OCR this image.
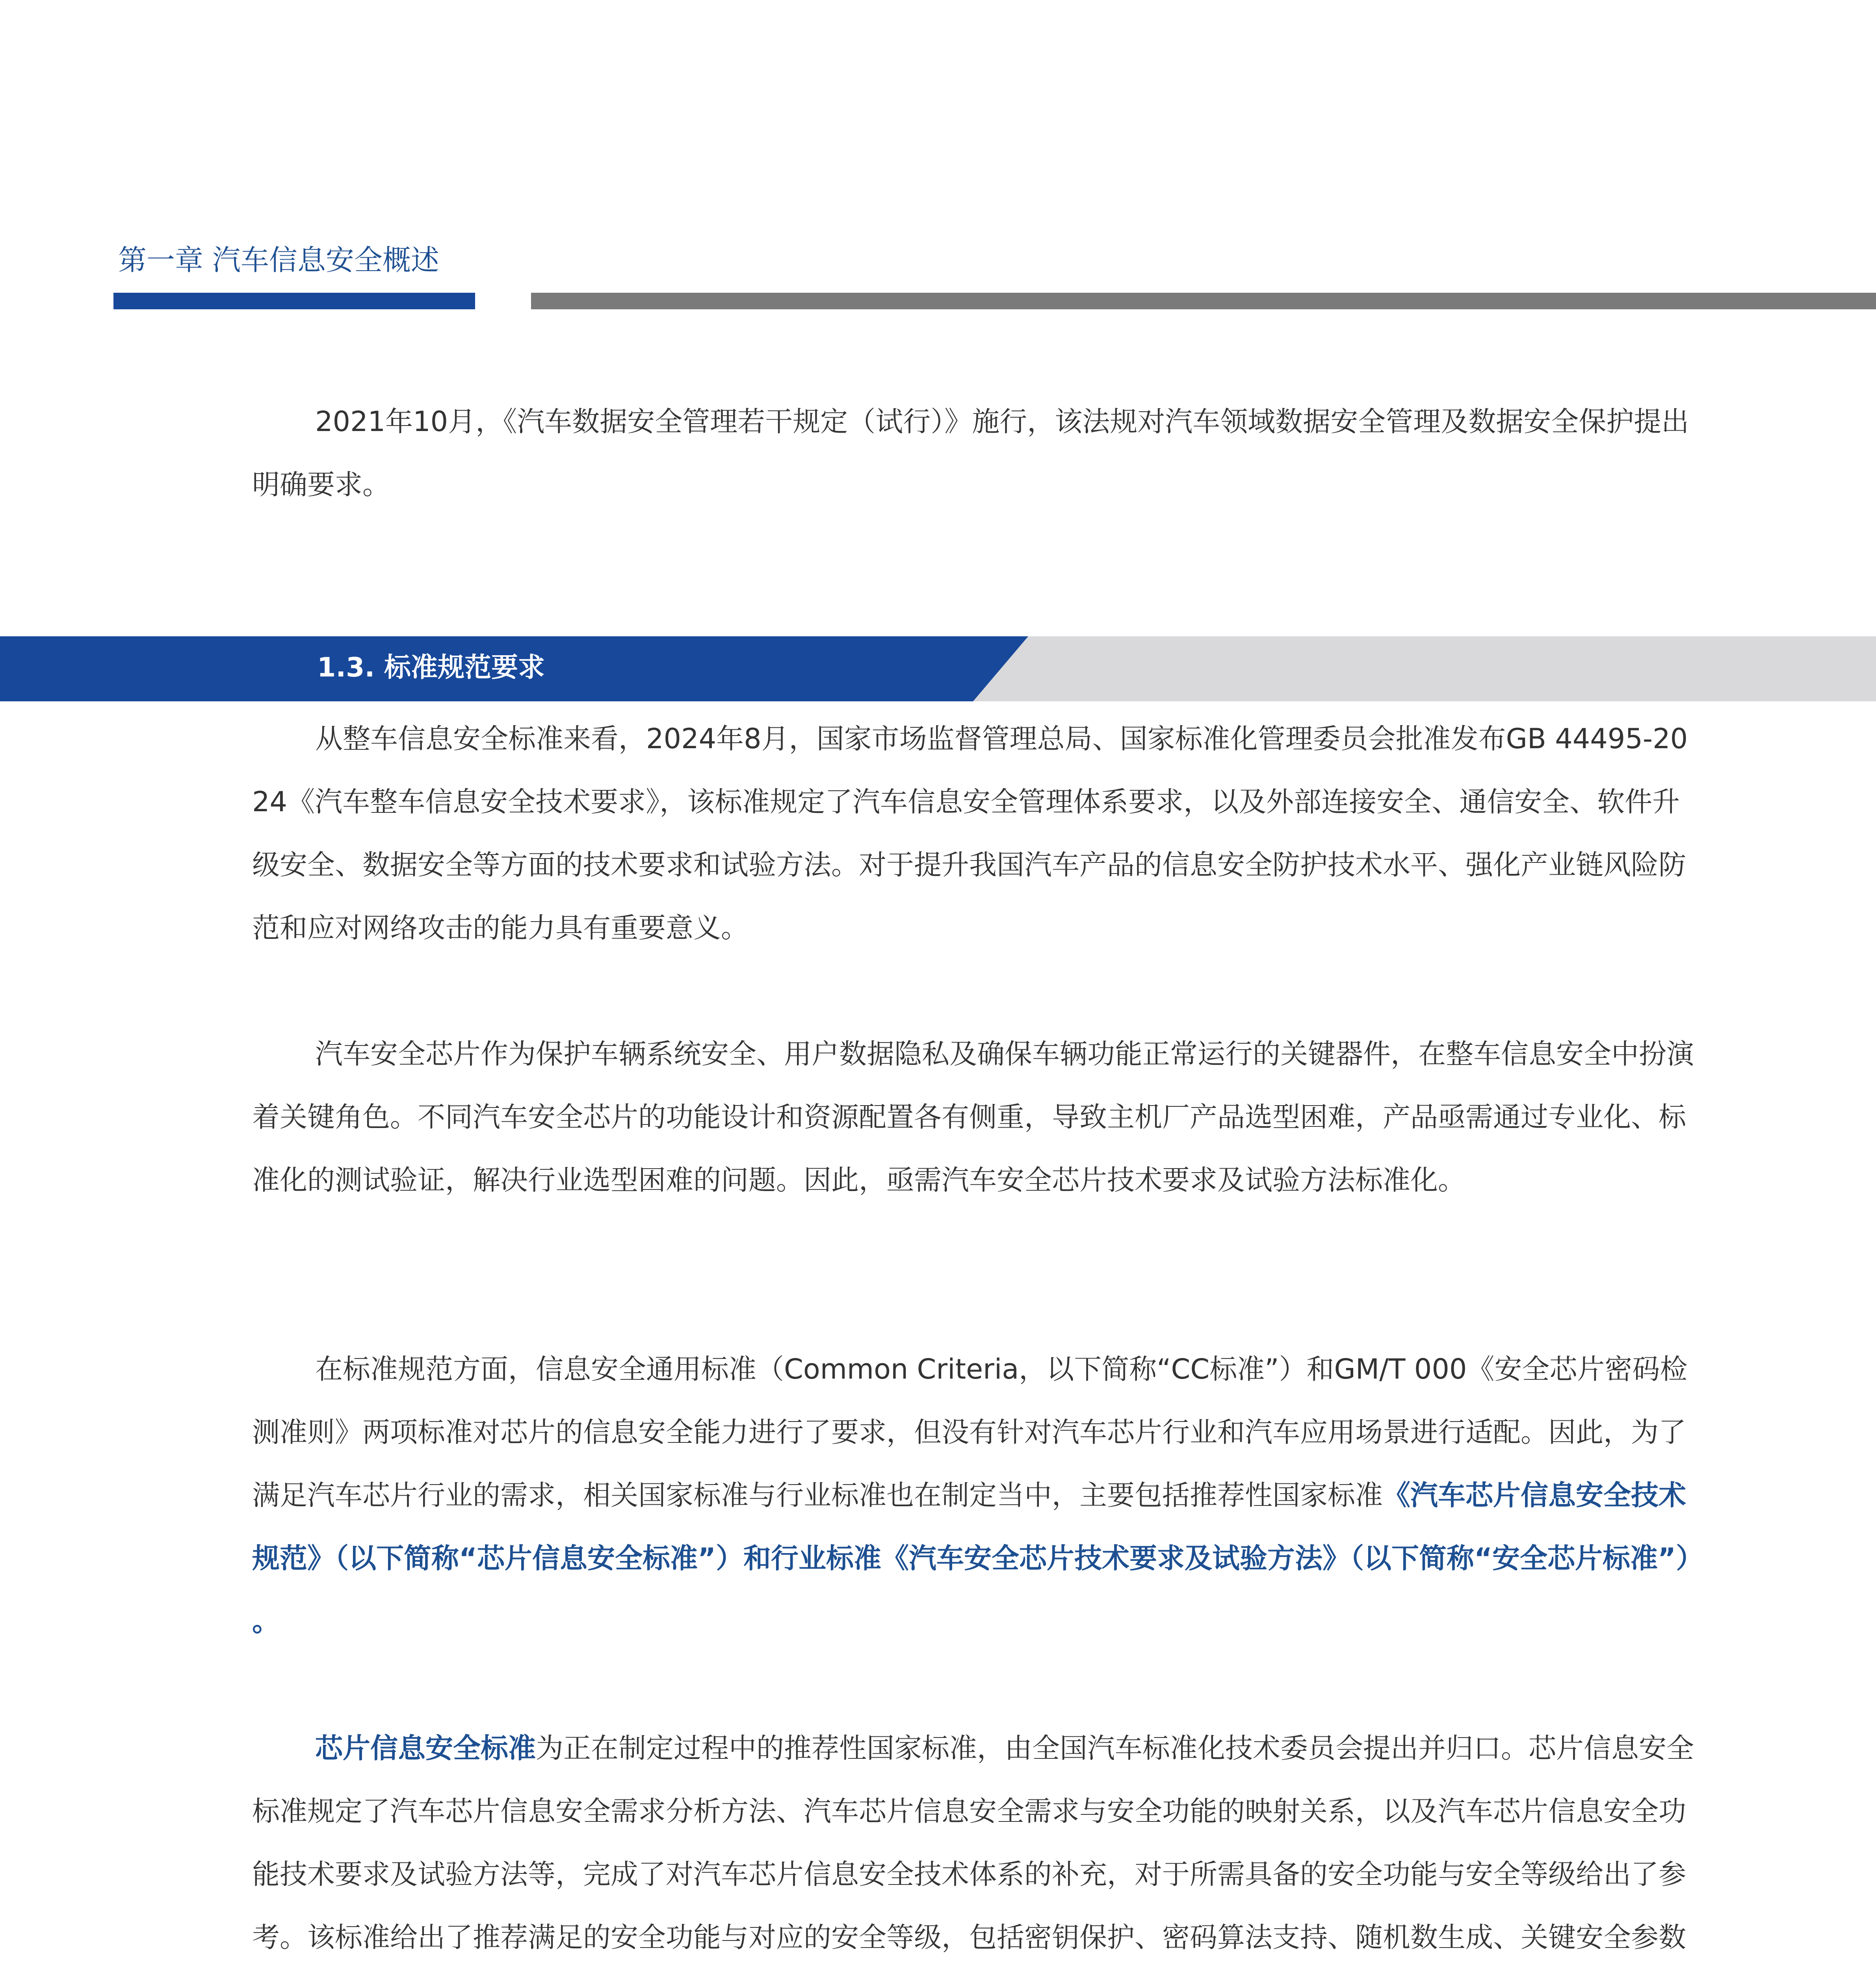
第一章 汽车信息安全概述

2021年10月，《汽车数据安全管理若干规定（试行）》施行，该法规对汽车领域数据安全管理及数据安全保护提出明确要求。

1.3. 标准规范要求

从整车信息安全标准来看，2024年8月，国家市场监督管理总局、国家标准化管理委员会批准发布GB 44495-2024《汽车整车信息安全技术要求》，该标准规定了汽车信息安全管理体系要求，以及外部连接安全、通信安全、软件升级安全、数据安全等方面的技术要求和试验方法。对于提升我国汽车产品的信息安全防护技术水平、强化产业链风险防范和应对网络攻击的能力具有重要意义。

汽车安全芯片作为保护车辆系统安全、用户数据隐私及确保车辆功能正常运行的关键器件，在整车信息安全中扮演着关键角色。不同汽车安全芯片的功能设计和资源配置各有侧重，导致主机厂产品选型困难，产品亟需通过专业化、标准化的测试验证，解决行业选型困难的问题。因此，亟需汽车安全芯片技术要求及试验方法标准化。

在标准规范方面，信息安全通用标准（Common Criteria，以下简称“CC标准”）和GM/T 000《安全芯片密码检测准则》两项标准对芯片的信息安全能力进行了要求，但没有针对汽车芯片行业和汽车应用场景进行适配。因此，为了满足汽车芯片行业的需求，相关国家标准与行业标准也在制定当中，主要包括推荐性国家标准《汽车芯片信息安全技术规范》（以下简称“芯片信息安全标准”）和行业标准《汽车安全芯片技术要求及试验方法》（以下简称“安全芯片标准”）。

芯片信息安全标准为正在制定过程中的推荐性国家标准，由全国汽车标准化技术委员会提出并归口。芯片信息安全标准规定了汽车芯片信息安全需求分析方法、汽车芯片信息安全需求与安全功能的映射关系，以及汽车芯片信息安全功能技术要求及试验方法等，完成了对汽车芯片信息安全技术体系的补充，对于所需具备的安全功能与安全等级给出了参考。该标准给出了推荐满足的安全功能与对应的安全等级，包括密钥保护、密码算法支持、随机数生成、关键安全参数
